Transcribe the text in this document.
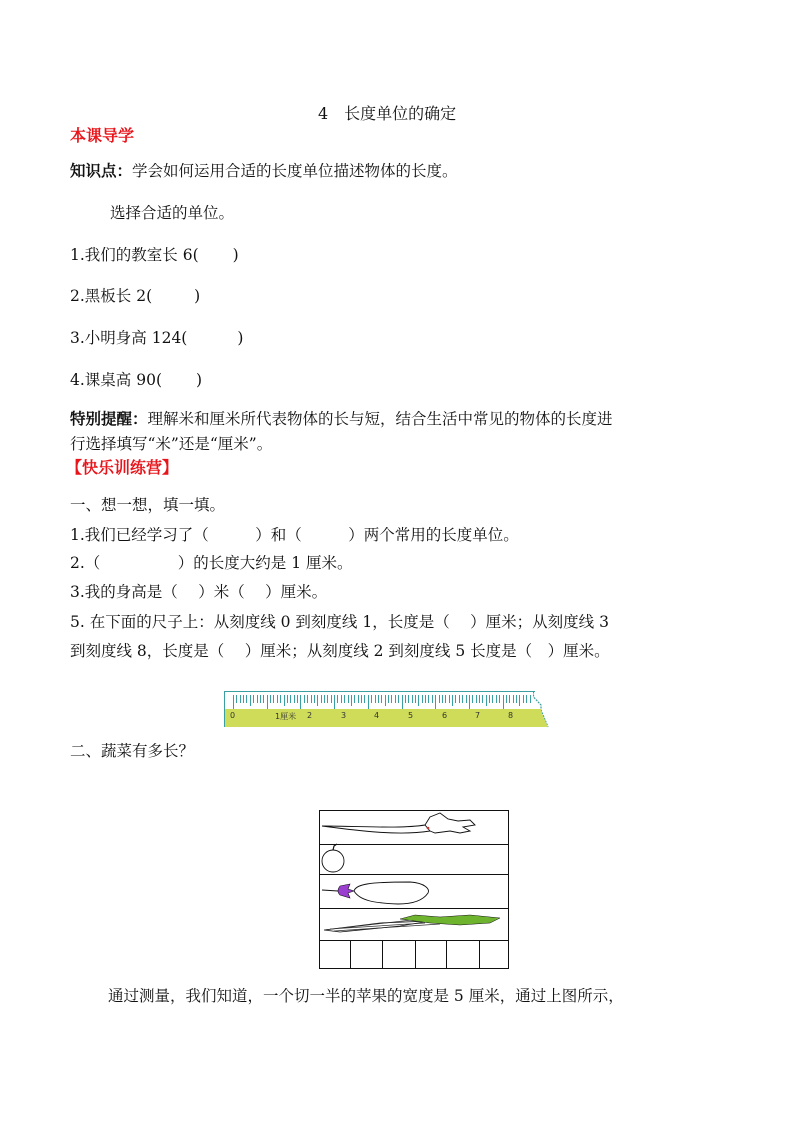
4　长度单位的确定
本课导学
知识点：学会如何运用合适的长度单位描述物体的长度。
选择合适的单位。
1.我们的教室长 6( )
2.黑板长 2(	)
3.小明身高 124(	)
4.课桌高 90( )
特别提醒：理解米和厘米所代表物体的长与短，结合生活中常见的物体的长度进
行选择填写“米”还是“厘米”。
【快乐训练营】
一、想一想，填一填。
1.我们已经学习了（　　　）和（　　　）两个常用的长度单位。
2.（　　　　　）的长度大约是 1 厘米。
3.我的身高是（　 ）米（　 ）厘米。
5. 在下面的尺子上：从刻度线 0 到刻度线 1，长度是（　 ）厘米；从刻度线 3
到刻度线 8，长度是（　 ）厘米；从刻度线 2 到刻度线 5 长度是（　）厘米。
0	1厘米 2	3	4	5	6	7	8
二、蔬菜有多长？
通过测量，我们知道，一个切一半的苹果的宽度是 5 厘米，通过上图所示，
